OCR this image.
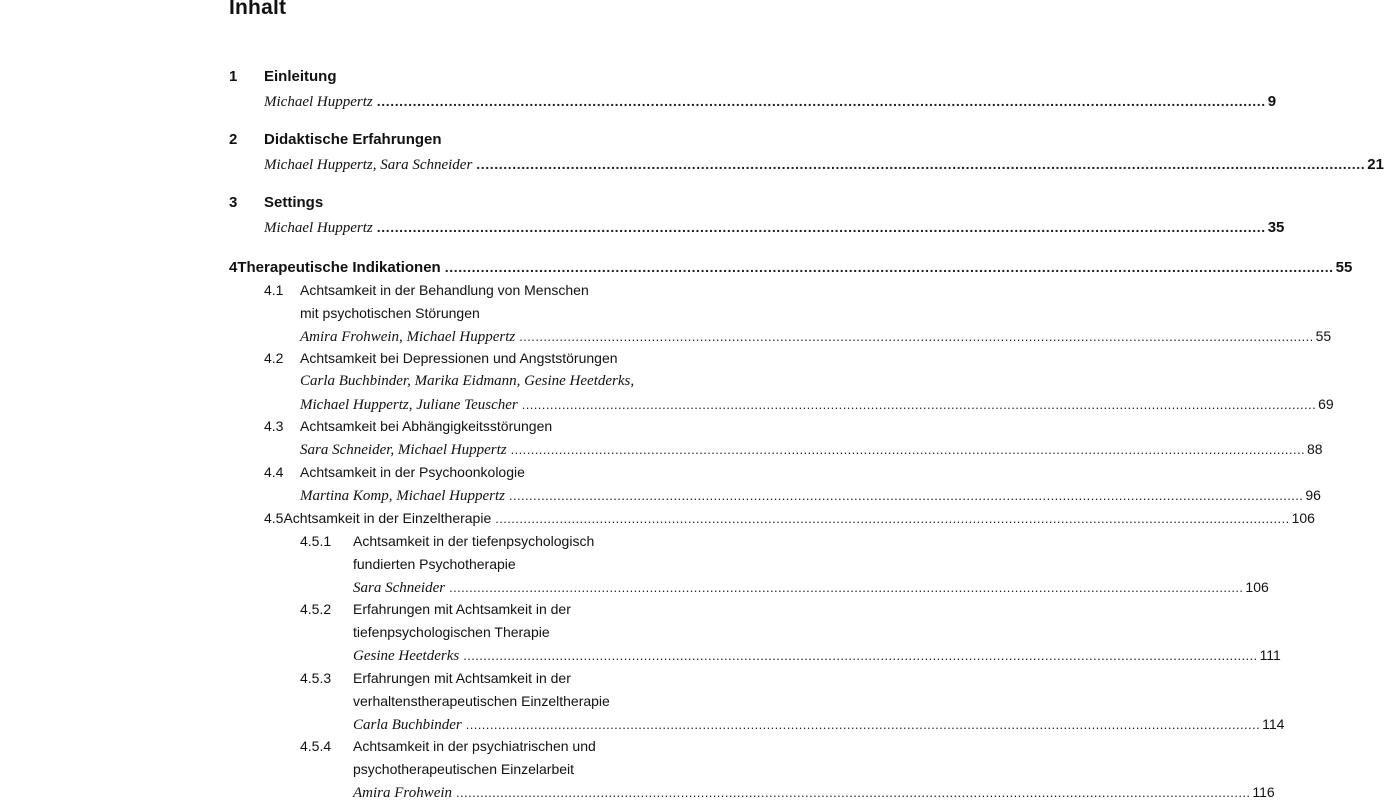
Inhalt
1	Einleitung
Michael Huppertz ...................................................................................................................................................................................................... 9
2	Didaktische Erfahrungen
Michael Huppertz, Sara Schneider ...................................................................................................................................................................................................... 21
3	Settings
Michael Huppertz ...................................................................................................................................................................................................... 35
4 Therapeutische Indikationen ...................................................................................................................................................................................................... 55
4.1	Achtsamkeit in der Behandlung von Menschen
mit psychotischen Störungen
Amira Frohwein, Michael Huppertz ...................................................................................................................................................................................................... 55
4.2	Achtsamkeit bei Depressionen und Angststörungen
Carla Buchbinder, Marika Eidmann, Gesine Heetderks,
Michael Huppertz, Juliane Teuscher ...................................................................................................................................................................................................... 69
4.3	Achtsamkeit bei Abhängigkeitsstörungen
Sara Schneider, Michael Huppertz ...................................................................................................................................................................................................... 88
4.4	Achtsamkeit in der Psychoonkologie
Martina Komp, Michael Huppertz ...................................................................................................................................................................................................... 96
4.5 Achtsamkeit in der Einzeltherapie ...................................................................................................................................................................................................... 106
4.5.1	Achtsamkeit in der tiefenpsychologisch
fundierten Psychotherapie
Sara Schneider ...................................................................................................................................................................................................... 106
4.5.2	Erfahrungen mit Achtsamkeit in der
tiefenpsychologischen Therapie
Gesine Heetderks ...................................................................................................................................................................................................... 111
4.5.3	Erfahrungen mit Achtsamkeit in der
verhaltenstherapeutischen Einzeltherapie
Carla Buchbinder ...................................................................................................................................................................................................... 114
4.5.4	Achtsamkeit in der psychiatrischen und
psychotherapeutischen Einzelarbeit
Amira Frohwein ...................................................................................................................................................................................................... 116
